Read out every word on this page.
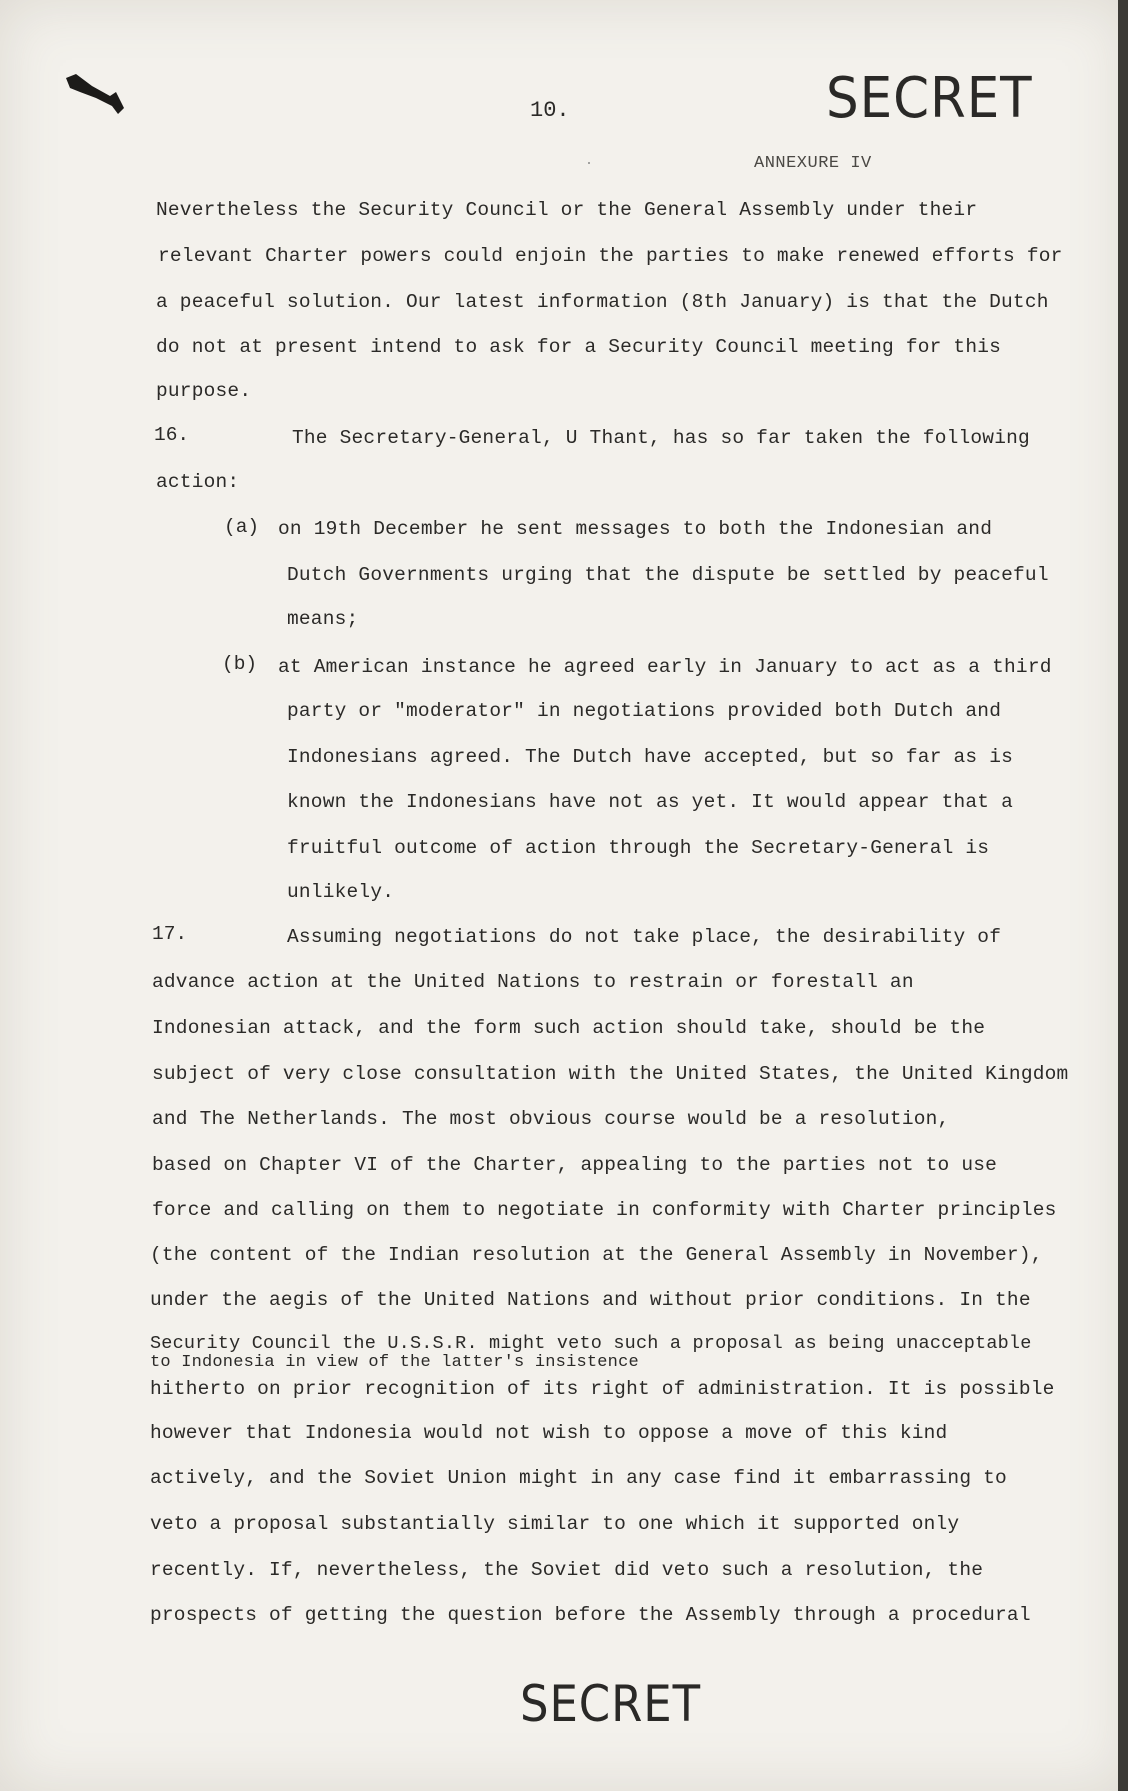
10.	SECRET
ANNEXURE IV
Nevertheless the Security Council or the General Assembly under their
relevant Charter powers could enjoin the parties to make renewed efforts for
a peaceful solution. Our latest information (8th January) is that the Dutch
do not at present intend to ask for a Security Council meeting for this
purpose.
16.	The Secretary-General, U Thant, has so far taken the following
action:
(a) on 19th December he sent messages to both the Indonesian and
Dutch Governments urging that the dispute be settled by peaceful
means;
(b) at American instance he agreed early in January to act as a third
party or "moderator" in negotiations provided both Dutch and
Indonesians agreed. The Dutch have accepted, but so far as is
known the Indonesians have not as yet. It would appear that a
fruitful outcome of action through the Secretary-General is
unlikely.
17.	Assuming negotiations do not take place, the desirability of
advance action at the United Nations to restrain or forestall an
Indonesian attack, and the form such action should take, should be the
subject of very close consultation with the United States, the United Kingdom
and The Netherlands. The most obvious course would be a resolution,
based on Chapter VI of the Charter, appealing to the parties not to use
force and calling on them to negotiate in conformity with Charter principles
(the content of the Indian resolution at the General Assembly in November),
under the aegis of the United Nations and without prior conditions. In the
Security Council the U.S.S.R. might veto such a proposal as being unacceptable
to Indonesia in view of the latter's insistence
hitherto on prior recognition of its right of administration. It is possible
however that Indonesia would not wish to oppose a move of this kind
actively, and the Soviet Union might in any case find it embarrassing to
veto a proposal substantially similar to one which it supported only
recently. If, nevertheless, the Soviet did veto such a resolution, the
prospects of getting the question before the Assembly through a procedural
SECRET
